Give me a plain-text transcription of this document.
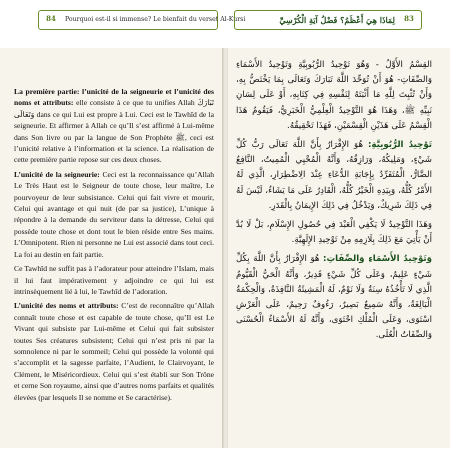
84	Pourquoi est-il si immense? Le bienfait du verset Al-Kursi	لِمَاذَا هِيَ أَعْظَمُ؟ فَضْلُ آيَةِ الْكُرْسِيِّ	83

La première partie: l’unicité de la seigneurie et l’unicité des noms et attributs: elle consiste à ce que tu unifies Allah تَبَارَكَ وَتَعَالَى dans ce qui Lui est propre à Lui. Ceci est le Tawhîd de la seigneurie. Et affirmer à Allah ce qu’Il s’est affirmé à Lui-même dans Son livre ou par la langue de Son Prophète ﷺ, ceci est l’unicité relative à l’information et la science. La réalisation de cette première partie repose sur ces deux choses.

L’unicité de la seigneurie: Ceci est la reconnaissance qu’Allah Le Très Haut est le Seigneur de toute chose, leur maître, Le pourvoyeur de leur subsistance. Celui qui fait vivre et mourir, Celui qui avantage et qui nuit (de par sa justice), L’unique à répondre à la demande du serviteur dans la détresse, Celui qui possède toute chose et dont tout le bien réside entre Ses mains. L’Omnipotent. Rien ni personne ne Lui est associé dans tout ceci. La foi au destin en fait partie.

Ce Tawhîd ne suffit pas à l’adorateur pour atteindre l’Islam, mais il lui faut impérativement y adjoindre ce qui lui est intrinsèquement lié à lui, le Tawhîd de l’adoration.

L’unicité des noms et attributs: C’est de reconnaître qu’Allah connaît toute chose et est capable de toute chose, qu’Il est Le Vivant qui subsiste par Lui-même et Celui qui fait subsister toutes Ses créatures subsistent; Celui qui n’est pris ni par la somnolence ni par le sommeil; Celui qui possède la volonté qui s’accomplit et la sagesse parfaite, l’Audient, le Clairvoyant, le Clément, le Miséricordieux. Celui qui s’est établi sur Son Trône et cerne Son royaume, ainsi que d’autres noms parfaits et qualités élevées (par lesquels Il se nomme et Se caractérise).

القِسْمُ الأَوَّلُ - وَهُوَ تَوْحِيدُ الرُّبُوبِيَّةِ وَتَوْحِيدُ الأَسْمَاءِ وَالصِّفَاتِ- هُوَ أَنْ تُوَحِّدَ اللَّهَ تَبَارَكَ وَتَعَالَى بِمَا يَخْتَصُّ بِهِ، وَأَنْ تُثْبِتَ لِلَّهِ مَا أَثْبَتَهُ لِنَفْسِهِ فِي كِتَابِهِ، أَوْ عَلَى لِسَانِ نَبِيِّهِ ﷺ، وَهَذَا هُوَ التَّوْحِيدُ الْعِلْمِيُّ الْخَبَرِيُّ، فَيَقُومُ هَذَا الْقِسْمُ عَلَى هَذَيْنِ الْقِسْمَيْنِ، فَهَذَا تَحْقِيقُهُ.

تَوْحِيدُ الرُّبُوبِيَّةِ: هُوَ الإِقْرَارُ بِأَنَّ اللَّهَ تَعَالَى رَبُّ كُلِّ شَيْءٍ، وَمَلِيكُهُ، وَرَازِقُهُ، وَأَنَّهُ الْمُحْيِي الْمُمِيتُ، النَّافِعُ الضَّارُّ، الْمُتَفَرِّدُ بِإِجَابَةِ الدُّعَاءِ عِنْدَ الِاضْطِرَارِ، الَّذِي لَهُ الأَمْرُ كُلُّهُ، وَبِيَدِهِ الْخَيْرُ كُلُّهُ، الْقَادِرُ عَلَى مَا يَشَاءُ، لَيْسَ لَهُ فِي ذَلِكَ شَرِيكٌ، وَيَدْخُلُ فِي ذَلِكَ الإِيمَانُ بِالْقَدَرِ.

وَهَذَا التَّوْحِيدُ لَا يَكْفِي الْعَبْدَ فِي حُصُولِ الإِسْلَامِ، بَلْ لَا بُدَّ أَنْ يَأْتِيَ مَعَ ذَلِكَ بِلَازِمِهِ مِنْ تَوْحِيدِ الإِلَهِيَّةِ.

وَتَوْحِيدُ الأَسْمَاءِ وَالصِّفَاتِ: هُوَ الإِقْرَارُ بِأَنَّ اللَّهَ بِكُلِّ شَيْءٍ عَلِيمٌ، وَعَلَى كُلِّ شَيْءٍ قَدِيرٌ، وَأَنَّهُ الْحَيُّ الْقَيُّومُ الَّذِي لَا تَأْخُذُهُ سِنَةٌ وَلَا نَوْمٌ، لَهُ الْمَشِيئَةُ النَّافِذَةُ، وَالْحِكْمَةُ الْبَالِغَةُ، وَأَنَّهُ سَمِيعٌ بَصِيرٌ، رَءُوفٌ رَحِيمٌ، عَلَى الْعَرْشِ اسْتَوَى، وَعَلَى الْمُلْكِ احْتَوَى، وَأَنَّهُ لَهُ الأَسْمَاءُ الْحُسْنَى وَالصِّفَاتُ الْعُلَى.
